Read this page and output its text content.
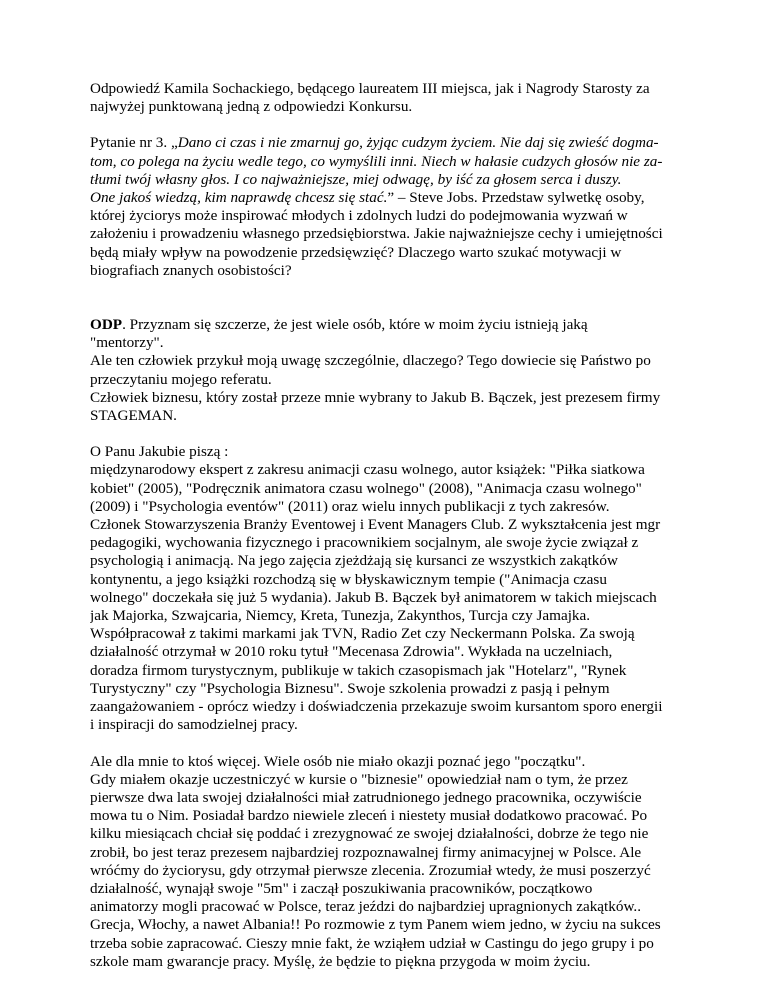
Odpowiedź Kamila Sochackiego, będącego laureatem III miejsca, jak i Nagrody Starosty za
najwyżej punktowaną jedną z odpowiedzi Konkursu.
Pytanie nr 3. „Dano ci czas i nie zmarnuj go, żyjąc cudzym życiem. Nie daj się zwieść dogma-
tom, co polega na życiu wedle tego, co wymyślili inni. Niech w hałasie cudzych głosów nie za-
tłumi twój własny głos. I co najważniejsze, miej odwagę, by iść za głosem serca i duszy.
One jakoś wiedzą, kim naprawdę chcesz się stać.” – Steve Jobs. Przedstaw sylwetkę osoby,
której życiorys może inspirować młodych i zdolnych ludzi do podejmowania wyzwań w
założeniu i prowadzeniu własnego przedsiębiorstwa. Jakie najważniejsze cechy i umiejętności
będą miały wpływ na powodzenie przedsięwzięć? Dlaczego warto szukać motywacji w
biografiach znanych osobistości?
ODP. Przyznam się szczerze, że jest wiele osób, które w moim życiu istnieją jaką
"mentorzy".
Ale ten człowiek przykuł moją uwagę szczególnie, dlaczego? Tego dowiecie się Państwo po
przeczytaniu mojego referatu.
Człowiek biznesu, który został przeze mnie wybrany to Jakub B. Bączek, jest prezesem firmy
STAGEMAN.
O Panu Jakubie piszą :
międzynarodowy ekspert z zakresu animacji czasu wolnego, autor książek: "Piłka siatkowa
kobiet" (2005), "Podręcznik animatora czasu wolnego" (2008), "Animacja czasu wolnego"
(2009) i "Psychologia eventów" (2011) oraz wielu innych publikacji z tych zakresów.
Członek Stowarzyszenia Branży Eventowej i Event Managers Club. Z wykształcenia jest mgr
pedagogiki, wychowania fizycznego i pracownikiem socjalnym, ale swoje życie związał z
psychologią i animacją. Na jego zajęcia zjeżdżają się kursanci ze wszystkich zakątków
kontynentu, a jego książki rozchodzą się w błyskawicznym tempie ("Animacja czasu
wolnego" doczekała się już 5 wydania). Jakub B. Bączek był animatorem w takich miejscach
jak Majorka, Szwajcaria, Niemcy, Kreta, Tunezja, Zakynthos, Turcja czy Jamajka.
Współpracował z takimi markami jak TVN, Radio Zet czy Neckermann Polska. Za swoją
działalność otrzymał w 2010 roku tytuł "Mecenasa Zdrowia". Wykłada na uczelniach,
doradza firmom turystycznym, publikuje w takich czasopismach jak "Hotelarz", "Rynek
Turystyczny" czy "Psychologia Biznesu". Swoje szkolenia prowadzi z pasją i pełnym
zaangażowaniem - oprócz wiedzy i doświadczenia przekazuje swoim kursantom sporo energii
i inspiracji do samodzielnej pracy.
Ale dla mnie to ktoś więcej. Wiele osób nie miało okazji poznać jego "początku".
Gdy miałem okazje uczestniczyć w kursie o "biznesie" opowiedział nam o tym, że przez
pierwsze dwa lata swojej działalności miał zatrudnionego jednego pracownika, oczywiście
mowa tu o Nim. Posiadał bardzo niewiele zleceń i niestety musiał dodatkowo pracować. Po
kilku miesiącach chciał się poddać i zrezygnować ze swojej działalności, dobrze że tego nie
zrobił, bo jest teraz prezesem najbardziej rozpoznawalnej firmy animacyjnej w Polsce. Ale
wróćmy do życiorysu, gdy otrzymał pierwsze zlecenia. Zrozumiał wtedy, że musi poszerzyć
działalność, wynajął swoje "5m" i zaczął poszukiwania pracowników, początkowo
animatorzy mogli pracować w Polsce, teraz jeździ do najbardziej upragnionych zakątków..
Grecja, Włochy, a nawet Albania!! Po rozmowie z tym Panem wiem jedno, w życiu na sukces
trzeba sobie zapracować. Cieszy mnie fakt, że wziąłem udział w Castingu do jego grupy i po
szkole mam gwarancje pracy. Myślę, że będzie to piękna przygoda w moim życiu.
